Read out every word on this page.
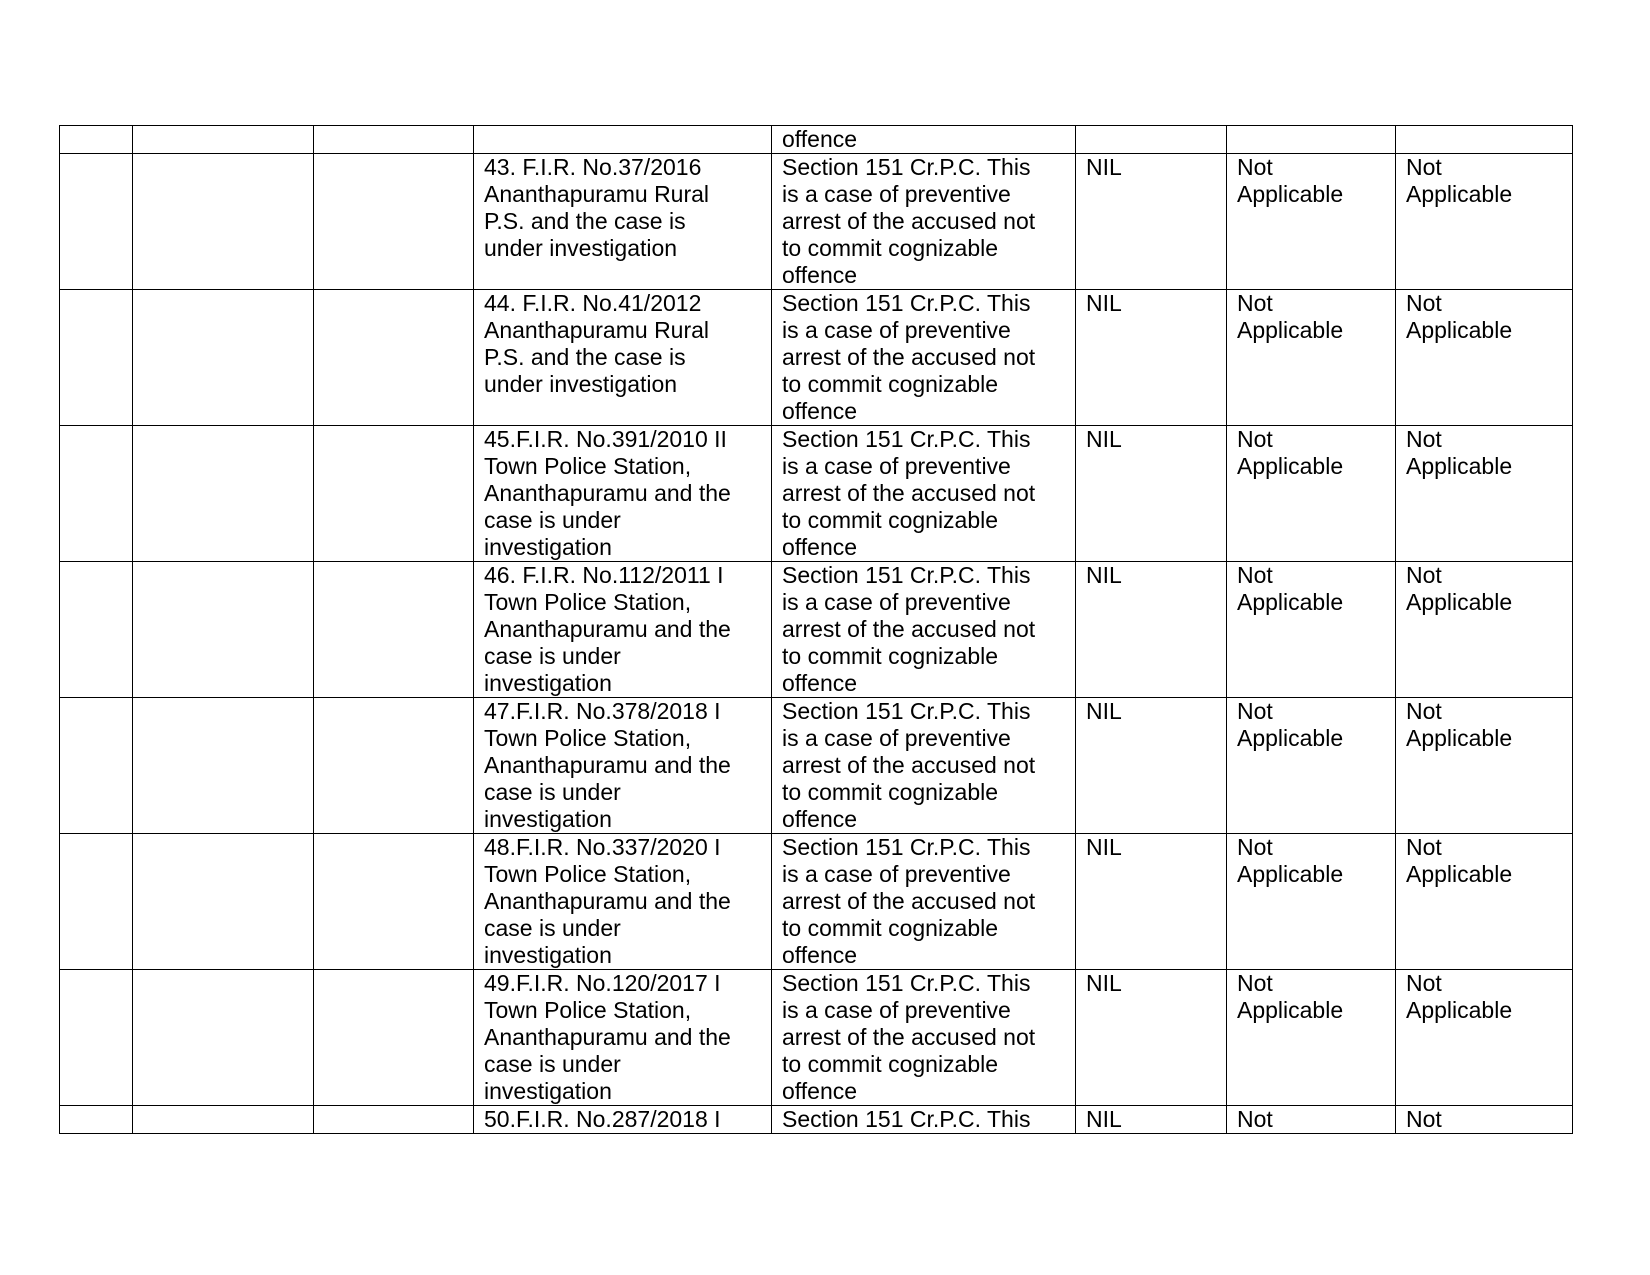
				offence			
			43. F.I.R. No.37/2016
Ananthapuramu Rural
P.S. and the case is
under investigation	Section 151 Cr.P.C. This
is a case of preventive
arrest of the accused not
to commit cognizable
offence	NIL	Not
Applicable	Not
Applicable
			44. F.I.R. No.41/2012
Ananthapuramu Rural
P.S. and the case is
under investigation	Section 151 Cr.P.C. This
is a case of preventive
arrest of the accused not
to commit cognizable
offence	NIL	Not
Applicable	Not
Applicable
			45.F.I.R. No.391/2010 II
Town Police Station,
Ananthapuramu and the
case is under
investigation	Section 151 Cr.P.C. This
is a case of preventive
arrest of the accused not
to commit cognizable
offence	NIL	Not
Applicable	Not
Applicable
			46. F.I.R. No.112/2011 I
Town Police Station,
Ananthapuramu and the
case is under
investigation	Section 151 Cr.P.C. This
is a case of preventive
arrest of the accused not
to commit cognizable
offence	NIL	Not
Applicable	Not
Applicable
			47.F.I.R. No.378/2018 I
Town Police Station,
Ananthapuramu and the
case is under
investigation	Section 151 Cr.P.C. This
is a case of preventive
arrest of the accused not
to commit cognizable
offence	NIL	Not
Applicable	Not
Applicable
			48.F.I.R. No.337/2020 I
Town Police Station,
Ananthapuramu and the
case is under
investigation	Section 151 Cr.P.C. This
is a case of preventive
arrest of the accused not
to commit cognizable
offence	NIL	Not
Applicable	Not
Applicable
			49.F.I.R. No.120/2017 I
Town Police Station,
Ananthapuramu and the
case is under
investigation	Section 151 Cr.P.C. This
is a case of preventive
arrest of the accused not
to commit cognizable
offence	NIL	Not
Applicable	Not
Applicable
			50.F.I.R. No.287/2018 I	Section 151 Cr.P.C. This	NIL	Not	Not
